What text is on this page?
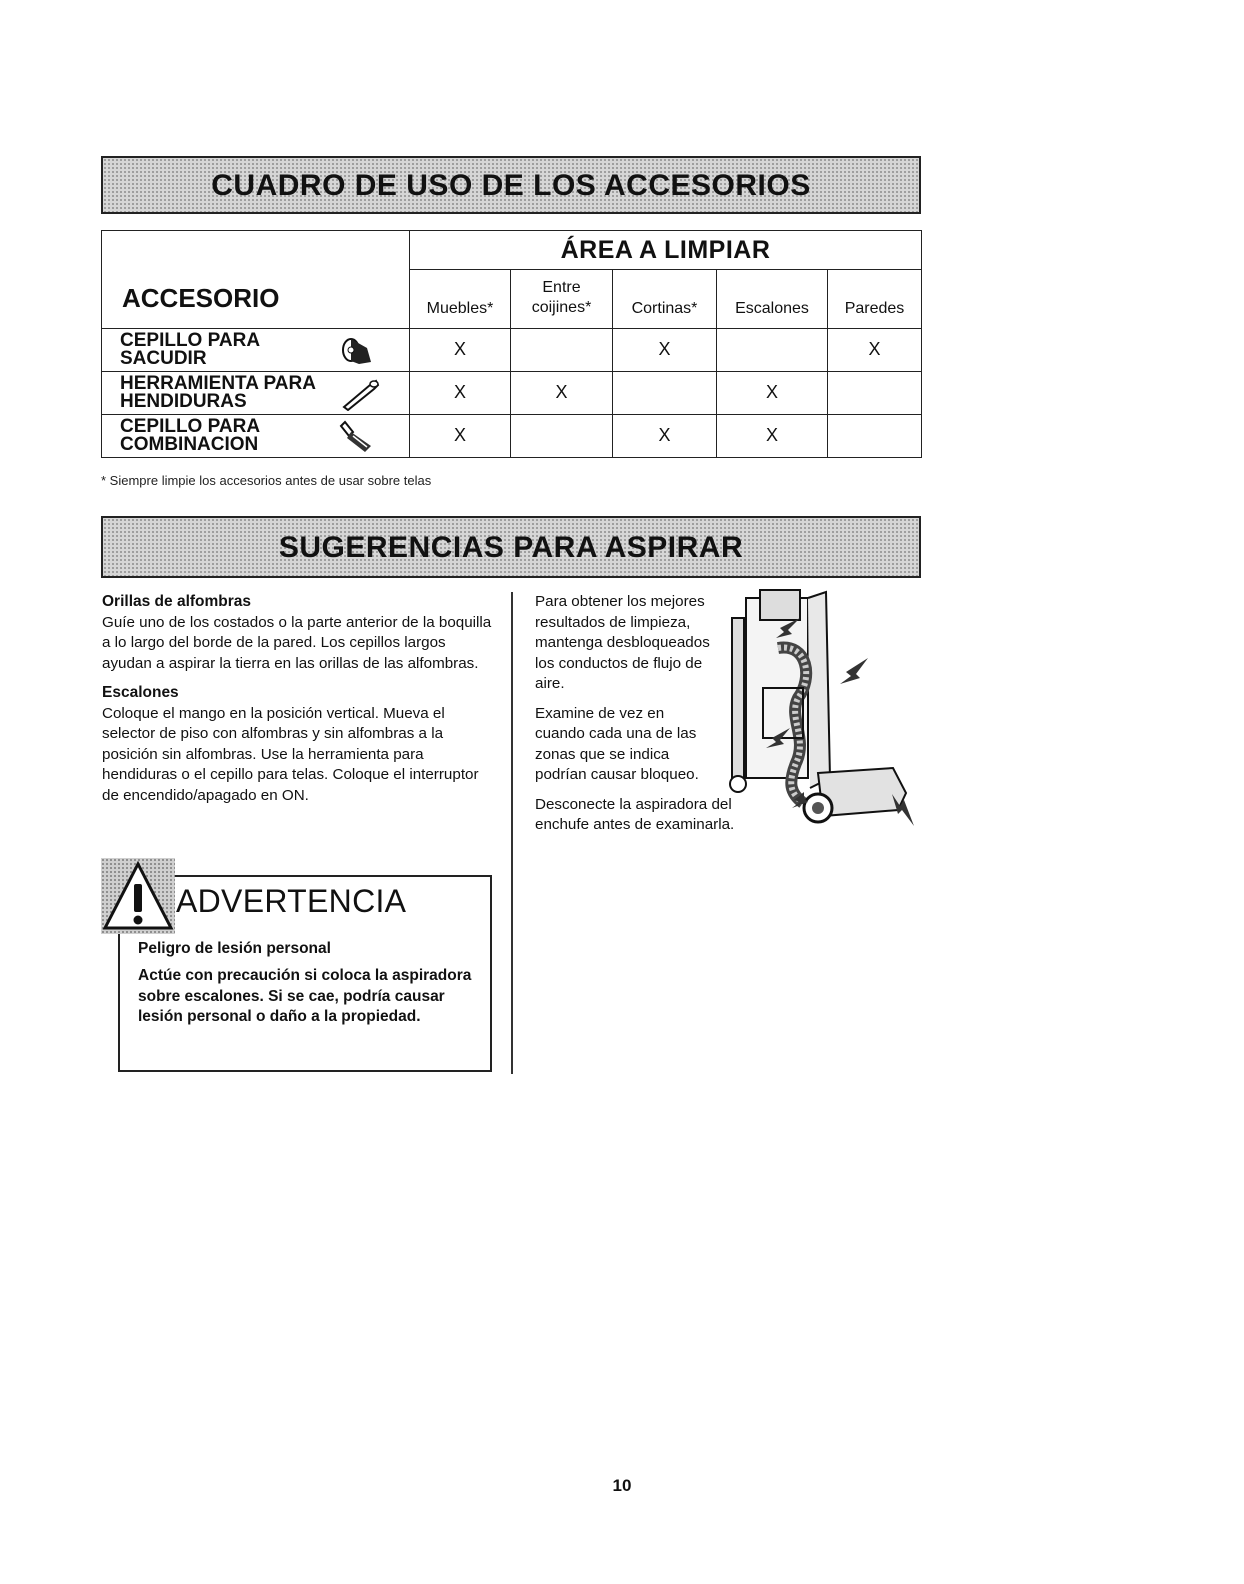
CUADRO DE USO DE LOS ACCESORIOS
	ÁREA A LIMPIAR				
ACCESORIO	Muebles*	Entre
coijines*	Cortinas*	Escalones	Paredes

CEPILLO PARA
SACUDIR	X		X		X

HERRAMIENTA PARA
HENDIDURAS	X	X		X	

CEPILLO PARA
COMBINACION	X		X	X	
* Siempre limpie los accesorios antes de usar sobre telas
SUGERENCIAS PARA ASPIRAR
Orillas de alfombras

Guíe uno de los costados o la parte anterior de la boquilla a lo largo del borde de la pared. Los cepillos largos ayudan a aspirar la tierra en las orillas de las alfombras.

Escalones

Coloque el mango en la posición vertical. Mueva el selector de piso con alfombras y sin alfombras a la posición sin alfombras. Use la herramienta para hendiduras o el cepillo para telas. Coloque el interruptor de encendido/apagado en ON.

Para obtener los mejores resultados de limpieza, mantenga desbloqueados los conductos de flujo de aire.

Examine de vez en cuando cada una de las zonas que se indica podrían causar bloqueo.

Desconecte la aspiradora del enchufe antes de examinarla.

ADVERTENCIA
Peligro de lesión personal
Actúe con precaución si coloca la aspiradora sobre escalones. Si se cae, podría causar lesión personal o daño a la propiedad.
10
